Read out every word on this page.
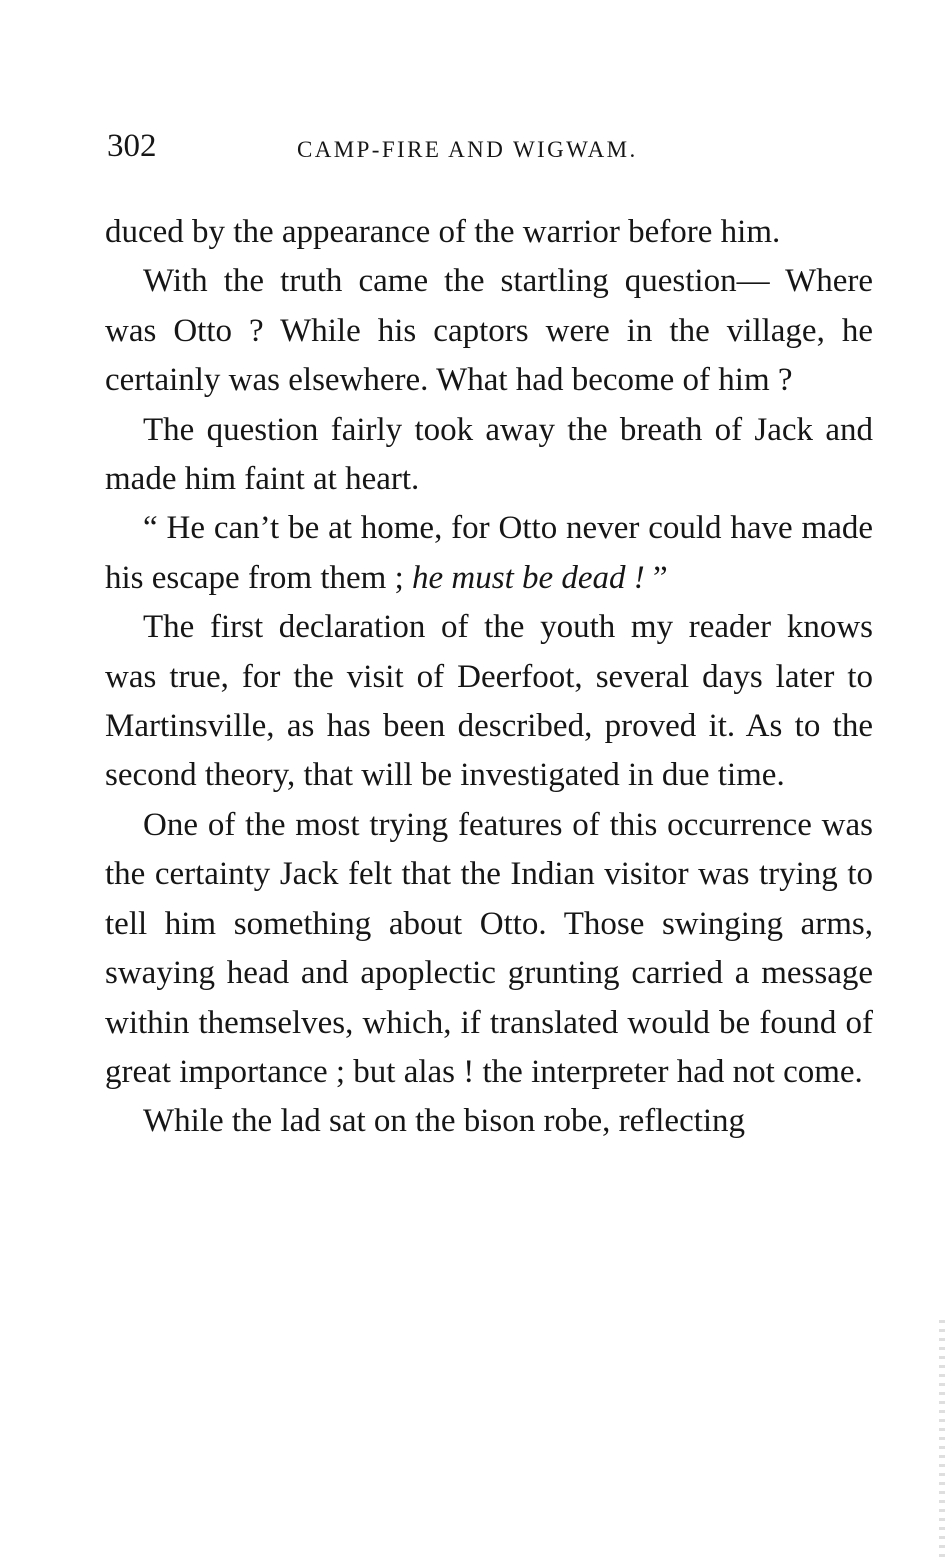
302	CAMP-FIRE AND WIGWAM.

duced by the appearance of the warrior before him.

With the truth came the startling question— Where was Otto ? While his captors were in the village, he certainly was elsewhere. What had become of him ?

The question fairly took away the breath of Jack and made him faint at heart.

“ He can’t be at home, for Otto never could have made his escape from them ; he must be dead ! ”

The first declaration of the youth my reader knows was true, for the visit of Deerfoot, several days later to Martinsville, as has been described, proved it. As to the second theory, that will be investigated in due time.

One of the most trying features of this occurrence was the certainty Jack felt that the Indian visitor was trying to tell him something about Otto. Those swinging arms, swaying head and apoplectic grunting carried a message within themselves, which, if translated would be found of great importance ; but alas ! the interpreter had not come.

While the lad sat on the bison robe, reflecting
